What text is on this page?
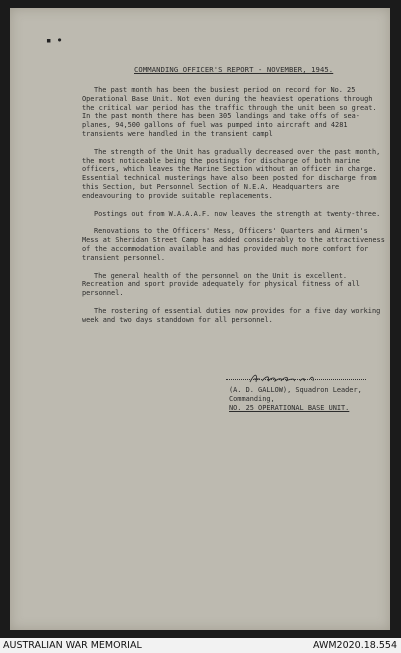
▪ ∙
COMMANDING OFFICER'S REPORT - NOVEMBER, 1945.

The past month has been the busiest period on record for No. 25 Operational Base Unit. Not even during the heaviest operations through the critical war period has the traffic through the unit been so great. In the past month there has been 305 landings and take offs of sea-planes, 94,500 gallons of fuel was pumped into aircraft and 4281 transients were handled in the transient campl

The strength of the Unit has gradually decreased over the past month, the most noticeable being the postings for discharge of both marine officers, which leaves the Marine Section without an officer in charge. Essential technical musterings have also been posted for discharge from this Section, but Personnel Section of N.E.A. Headquarters are endeavouring to provide suitable replacements.

Postings out from W.A.A.A.F. now leaves the strength at twenty-three.

Renovations to the Officers' Mess, Officers' Quarters and Airmen's Mess at Sheridan Street Camp has added considerably to the attractiveness of the accommodation available and has provided much more comfort for transient personnel.

The general health of the personnel on the Unit is excellent. Recreation and sport provide adequately for physical fitness of all personnel.

The rostering of essential duties now provides for a five day working week and two days standdown for all personnel.

(A. D. GALLOW), Squadron Leader,
Commanding,
NO. 25 OPERATIONAL BASE UNIT.
AUSTRALIAN WAR MEMORIAL	AWM2020.18.554
